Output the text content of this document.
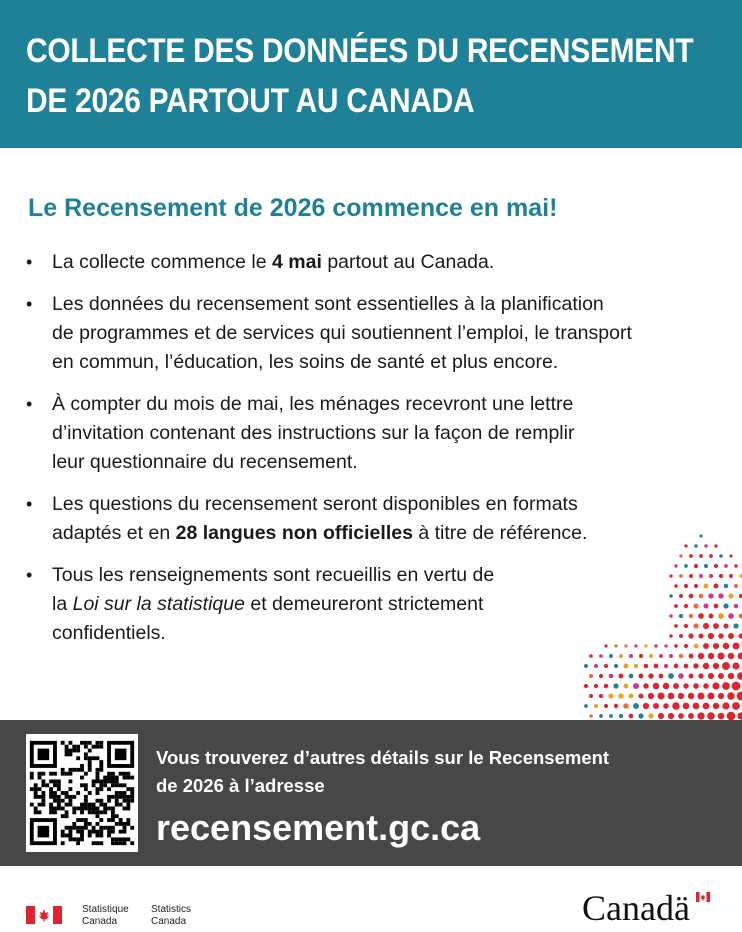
COLLECTE DES DONNÉES DU RECENSEMENT
DE 2026 PARTOUT AU CANADA
Le Recensement de 2026 commence en mai!
• La collecte commence le 4 mai partout au Canada.
• Les données du recensement sont essentielles à la planification
de programmes et de services qui soutiennent l’emploi, le transport
en commun, l’éducation, les soins de santé et plus encore.
• À compter du mois de mai, les ménages recevront une lettre
d’invitation contenant des instructions sur la façon de remplir
leur questionnaire du recensement.
• Les questions du recensement seront disponibles en formats
adaptés et en 28 langues non officielles à titre de référence.
• Tous les renseignements sont recueillis en vertu de
la Loi sur la statistique et demeureront strictement
confidentiels.
Vous trouverez d’autres détails sur le Recensement
de 2026 à l’adresse
recensement.gc.ca
Statistique
Canada
Statistics
Canada	Canadä
